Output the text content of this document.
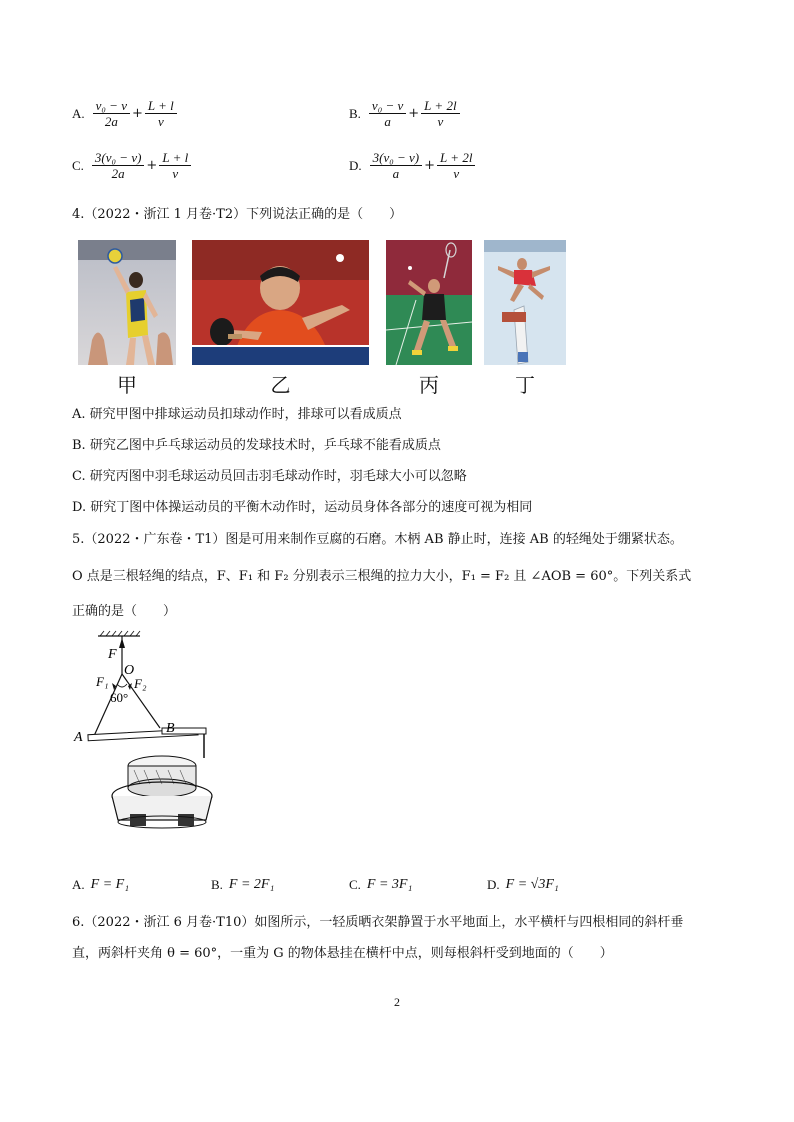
A. $\frac{\text{v₀ − v}}{2a} + \frac{L + l}{v}$	B. $\frac{\text{v₀ − v}}{a} + \frac{L + 2l}{v}$
C. $\frac{\text{3(v₀ − v)}}{2a} + \frac{L + l}{v}$	D. $\frac{\text{3(v₀ − v)}}{a} + \frac{L + 2l}{v}$
4.（2022・浙江 1 月卷·T2）下列说法正确的是（　　）
甲	乙	丙	丁
A. 研究甲图中排球运动员扣球动作时，排球可以看成质点
B. 研究乙图中乒乓球运动员的发球技术时，乒乓球不能看成质点
C. 研究丙图中羽毛球运动员回击羽毛球动作时，羽毛球大小可以忽略
D. 研究丁图中体操运动员的平衡木动作时，运动员身体各部分的速度可视为相同
5.（2022・广东卷・T1）图是可用来制作豆腐的石磨。木柄 AB 静止时，连接 AB 的轻绳处于绷紧状态。
O 点是三根轻绳的结点，F、F₁ 和 F₂ 分别表示三根绳的拉力大小，F₁ = F₂ 且 ∠AOB = 60°。下列关系式
正确的是（　　）
F
O
F₁ F₂
60°
A
B
A. F = F₁	B. F = 2F₁	C. F = 3F₁	D. F = √3F₁
6.（2022・浙江 6 月卷·T10）如图所示，一轻质晒衣架静置于水平地面上，水平横杆与四根相同的斜杆垂
直，两斜杆夹角 θ = 60°，一重为 G 的物体悬挂在横杆中点，则每根斜杆受到地面的（　　）
2
